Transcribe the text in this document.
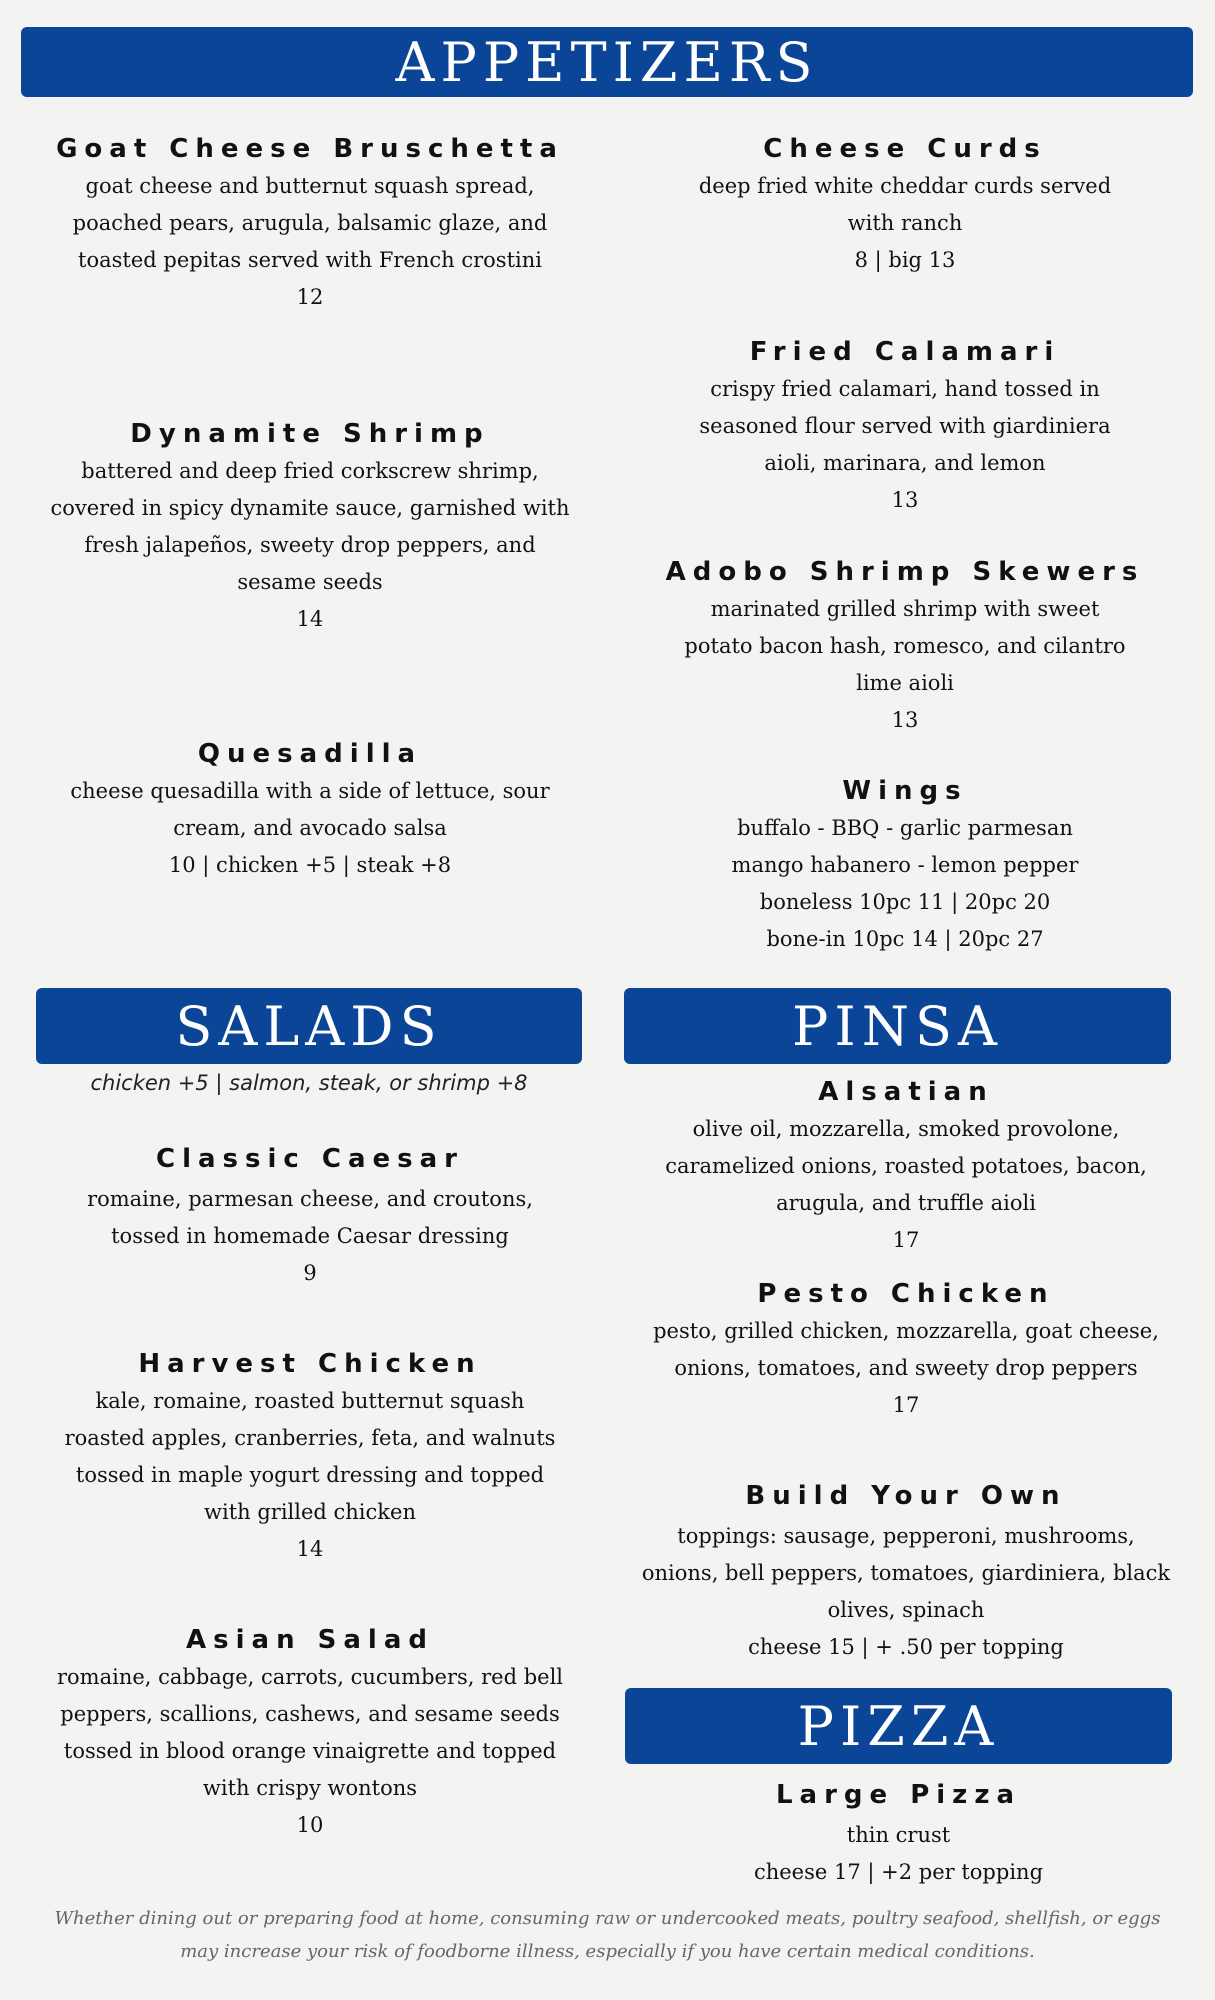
APPETIZERS
Goat Cheese Bruschetta

goat cheese and butternut squash spread, poached pears, arugula, balsamic glaze, and toasted pepitas served with French crostini

12

Dynamite Shrimp

battered and deep fried corkscrew shrimp, covered in spicy dynamite sauce, garnished with fresh jalapeños, sweety drop peppers, and sesame seeds

14

Quesadilla

cheese quesadilla with a side of lettuce, sour cream, and avocado salsa

10 | chicken +5 | steak +8

Cheese Curds

deep fried white cheddar curds served with ranch

8 | big 13

Fried Calamari

crispy fried calamari, hand tossed in seasoned flour served with giardiniera aioli, marinara, and lemon

13

Adobo Shrimp Skewers

marinated grilled shrimp with sweet potato bacon hash, romesco, and cilantro lime aioli

13

Wings

buffalo - BBQ - garlic parmesan

mango habanero - lemon pepper

boneless 10pc 11 | 20pc 20

bone-in 10pc 14 | 20pc 27

SALADS
chicken +5 | salmon, steak, or shrimp +8
Classic Caesar

romaine, parmesan cheese, and croutons, tossed in homemade Caesar dressing

9

Harvest Chicken

kale, romaine, roasted butternut squash roasted apples, cranberries, feta, and walnuts tossed in maple yogurt dressing and topped with grilled chicken

14

Asian Salad

romaine, cabbage, carrots, cucumbers, red bell peppers, scallions, cashews, and sesame seeds tossed in blood orange vinaigrette and topped with crispy wontons

10

PINSA
Alsatian

olive oil, mozzarella, smoked provolone, caramelized onions, roasted potatoes, bacon, arugula, and truffle aioli

17

Pesto Chicken

pesto, grilled chicken, mozzarella, goat cheese, onions, tomatoes, and sweety drop peppers

17

Build Your Own

toppings: sausage, pepperoni, mushrooms, onions, bell peppers, tomatoes, giardiniera, black olives, spinach

cheese 15 | + .50 per topping

PIZZA
Large Pizza

thin crust

cheese 17 | +2 per topping

Whether dining out or preparing food at home, consuming raw or undercooked meats, poultry seafood, shellfish, or eggs
may increase your risk of foodborne illness, especially if you have certain medical conditions.
